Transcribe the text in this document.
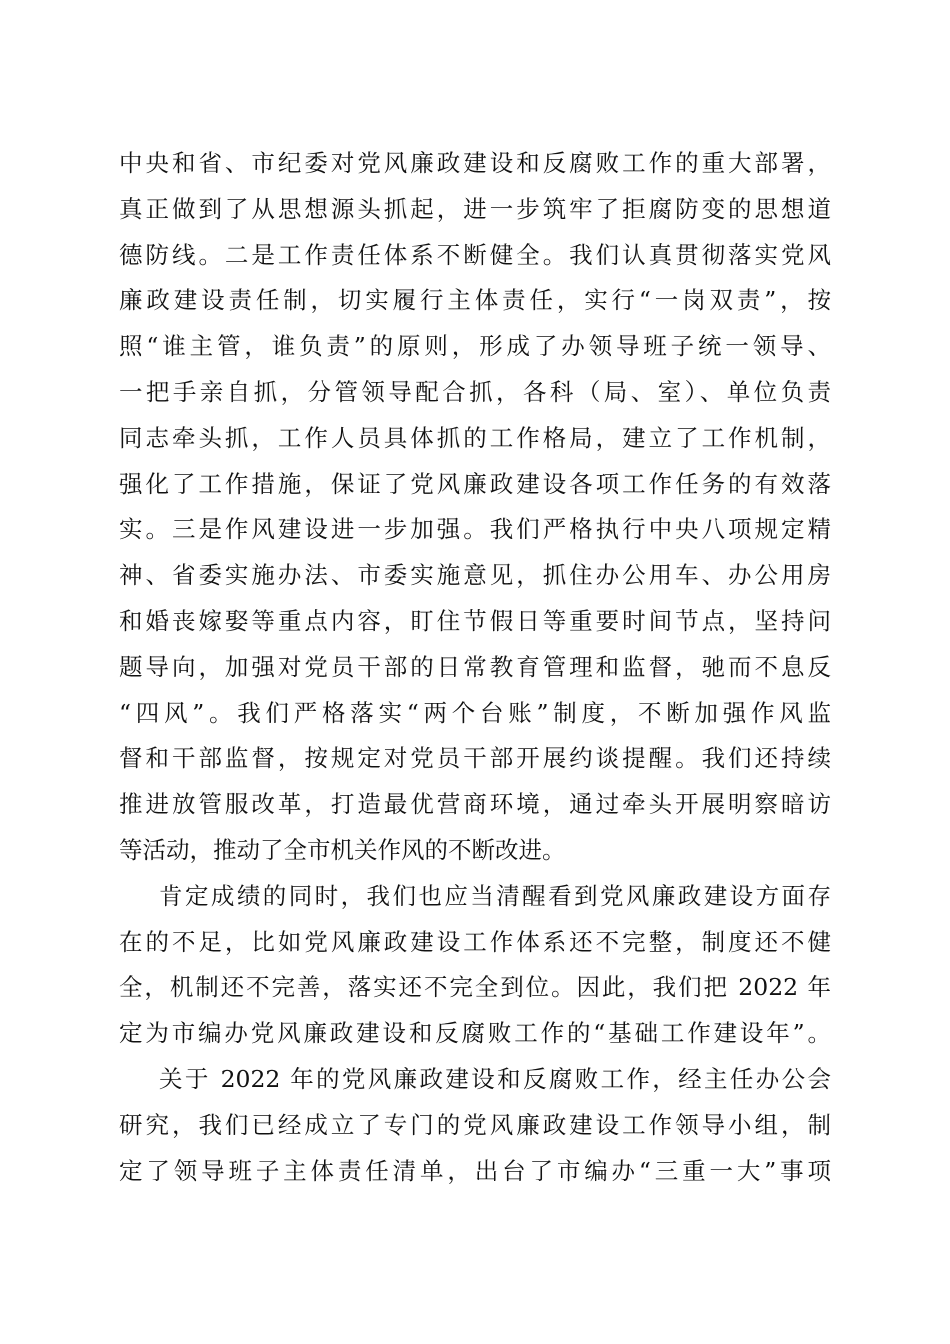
中央和省、市纪委对党风廉政建设和反腐败工作的重大部署，
真正做到了从思想源头抓起，进一步筑牢了拒腐防变的思想道
德防线。二是工作责任体系不断健全。我们认真贯彻落实党风
廉政建设责任制，切实履行主体责任，实行“一岗双责”，按
照“谁主管，谁负责”的原则，形成了办领导班子统一领导、
一把手亲自抓，分管领导配合抓，各科（局、室）、单位负责
同志牵头抓，工作人员具体抓的工作格局，建立了工作机制，
强化了工作措施，保证了党风廉政建设各项工作任务的有效落
实。三是作风建设进一步加强。我们严格执行中央八项规定精
神、省委实施办法、市委实施意见，抓住办公用车、办公用房
和婚丧嫁娶等重点内容，盯住节假日等重要时间节点，坚持问
题导向，加强对党员干部的日常教育管理和监督，驰而不息反
“四风”。我们严格落实“两个台账”制度，不断加强作风监
督和干部监督，按规定对党员干部开展约谈提醒。我们还持续
推进放管服改革，打造最优营商环境，通过牵头开展明察暗访
等活动，推动了全市机关作风的不断改进。
肯定成绩的同时，我们也应当清醒看到党风廉政建设方面存
在的不足，比如党风廉政建设工作体系还不完整，制度还不健
全，机制还不完善，落实还不完全到位。因此，我们把 2022 年
定为市编办党风廉政建设和反腐败工作的“基础工作建设年”。
关于 2022 年的党风廉政建设和反腐败工作，经主任办公会
研究，我们已经成立了专门的党风廉政建设工作领导小组，制
定了领导班子主体责任清单，出台了市编办“三重一大”事项
